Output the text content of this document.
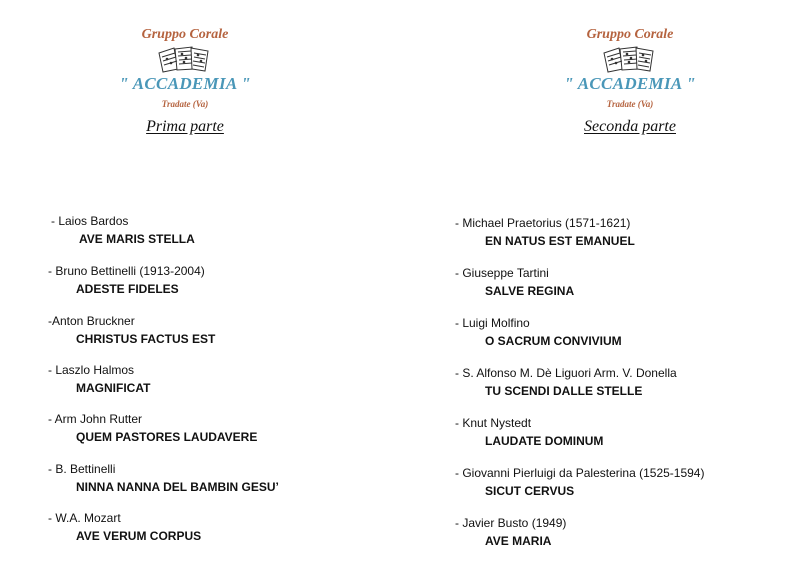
Gruppo Corale
" ACCADEMIA "
Tradate (Va)
Prima parte
- Laios Bardos
AVE MARIS STELLA
- Bruno Bettinelli (1913-2004)
ADESTE FIDELES
-Anton Bruckner
CHRISTUS FACTUS EST
- Laszlo Halmos
MAGNIFICAT
- Arm John Rutter
QUEM PASTORES LAUDAVERE
- B. Bettinelli
NINNA NANNA DEL BAMBIN GESU’
- W.A. Mozart
AVE VERUM CORPUS
Gruppo Corale
" ACCADEMIA "
Tradate (Va)
Seconda parte
- Michael Praetorius (1571-1621)
EN NATUS EST EMANUEL
- Giuseppe Tartini
SALVE REGINA
- Luigi Molfino
O SACRUM CONVIVIUM
- S. Alfonso M. Dè Liguori Arm. V. Donella
TU SCENDI DALLE STELLE
- Knut Nystedt
LAUDATE DOMINUM
- Giovanni Pierluigi da Palesterina (1525-1594)
SICUT CERVUS
- Javier Busto (1949)
AVE MARIA
